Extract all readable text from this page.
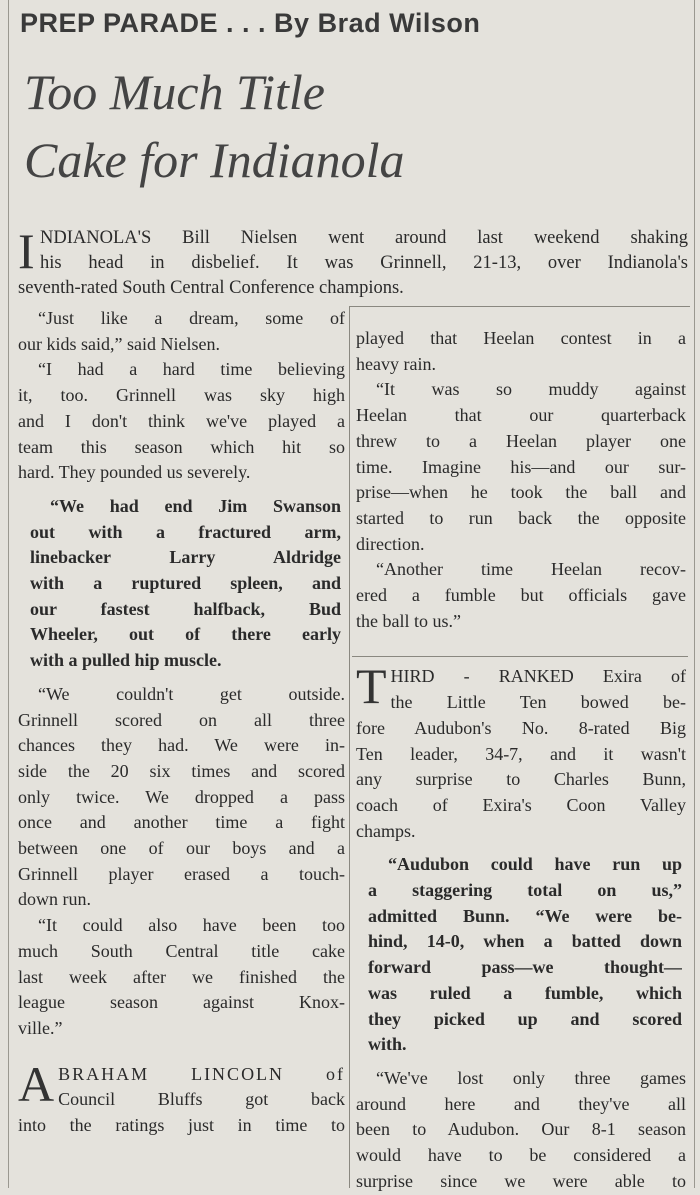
PREP PARADE . . . By Brad Wilson
Too Much Title
Cake for Indianola
I NDIANOLA'S Bill Nielsen went around last weekend shaking
his head in disbelief. It was Grinnell, 21-13, over Indianola's
seventh-rated South Central Conference champions.
“Just like a dream, some of
our kids said,” said Nielsen.
“I had a hard time believing
it, too. Grinnell was sky high
and I don't think we've played a
team this season which hit so
hard. They pounded us severely.
“We had end Jim Swanson
out with a fractured arm,
linebacker Larry Aldridge
with a ruptured spleen, and
our fastest halfback, Bud
Wheeler, out of there early
with a pulled hip muscle.
“We couldn't get outside.
Grinnell scored on all three
chances they had. We were in-
side the 20 six times and scored
only twice. We dropped a pass
once and another time a fight
between one of our boys and a
Grinnell player erased a touch-
down run.
“It could also have been too
much South Central title cake
last week after we finished the
league season against Knox-
ville.”
A BRAHAM LINCOLN of
Council Bluffs got back
into the ratings just in time to
played that Heelan contest in a
heavy rain.
“It was so muddy against
Heelan that our quarterback
threw to a Heelan player one
time. Imagine his—and our sur-
prise—when he took the ball and
started to run back the opposite
direction.
“Another time Heelan recov-
ered a fumble but officials gave
the ball to us.”
T HIRD - RANKED Exira of
the Little Ten bowed be-
fore Audubon's No. 8-rated Big
Ten leader, 34-7, and it wasn't
any surprise to Charles Bunn,
coach of Exira's Coon Valley
champs.
“Audubon could have run up
a staggering total on us,”
admitted Bunn. “We were be-
hind, 14-0, when a batted down
forward pass—we thought—
was ruled a fumble, which
they picked up and scored
with.
“We've lost only three games
around here and they've all
been to Audubon. Our 8-1 season
would have to be considered a
surprise since we were able to
